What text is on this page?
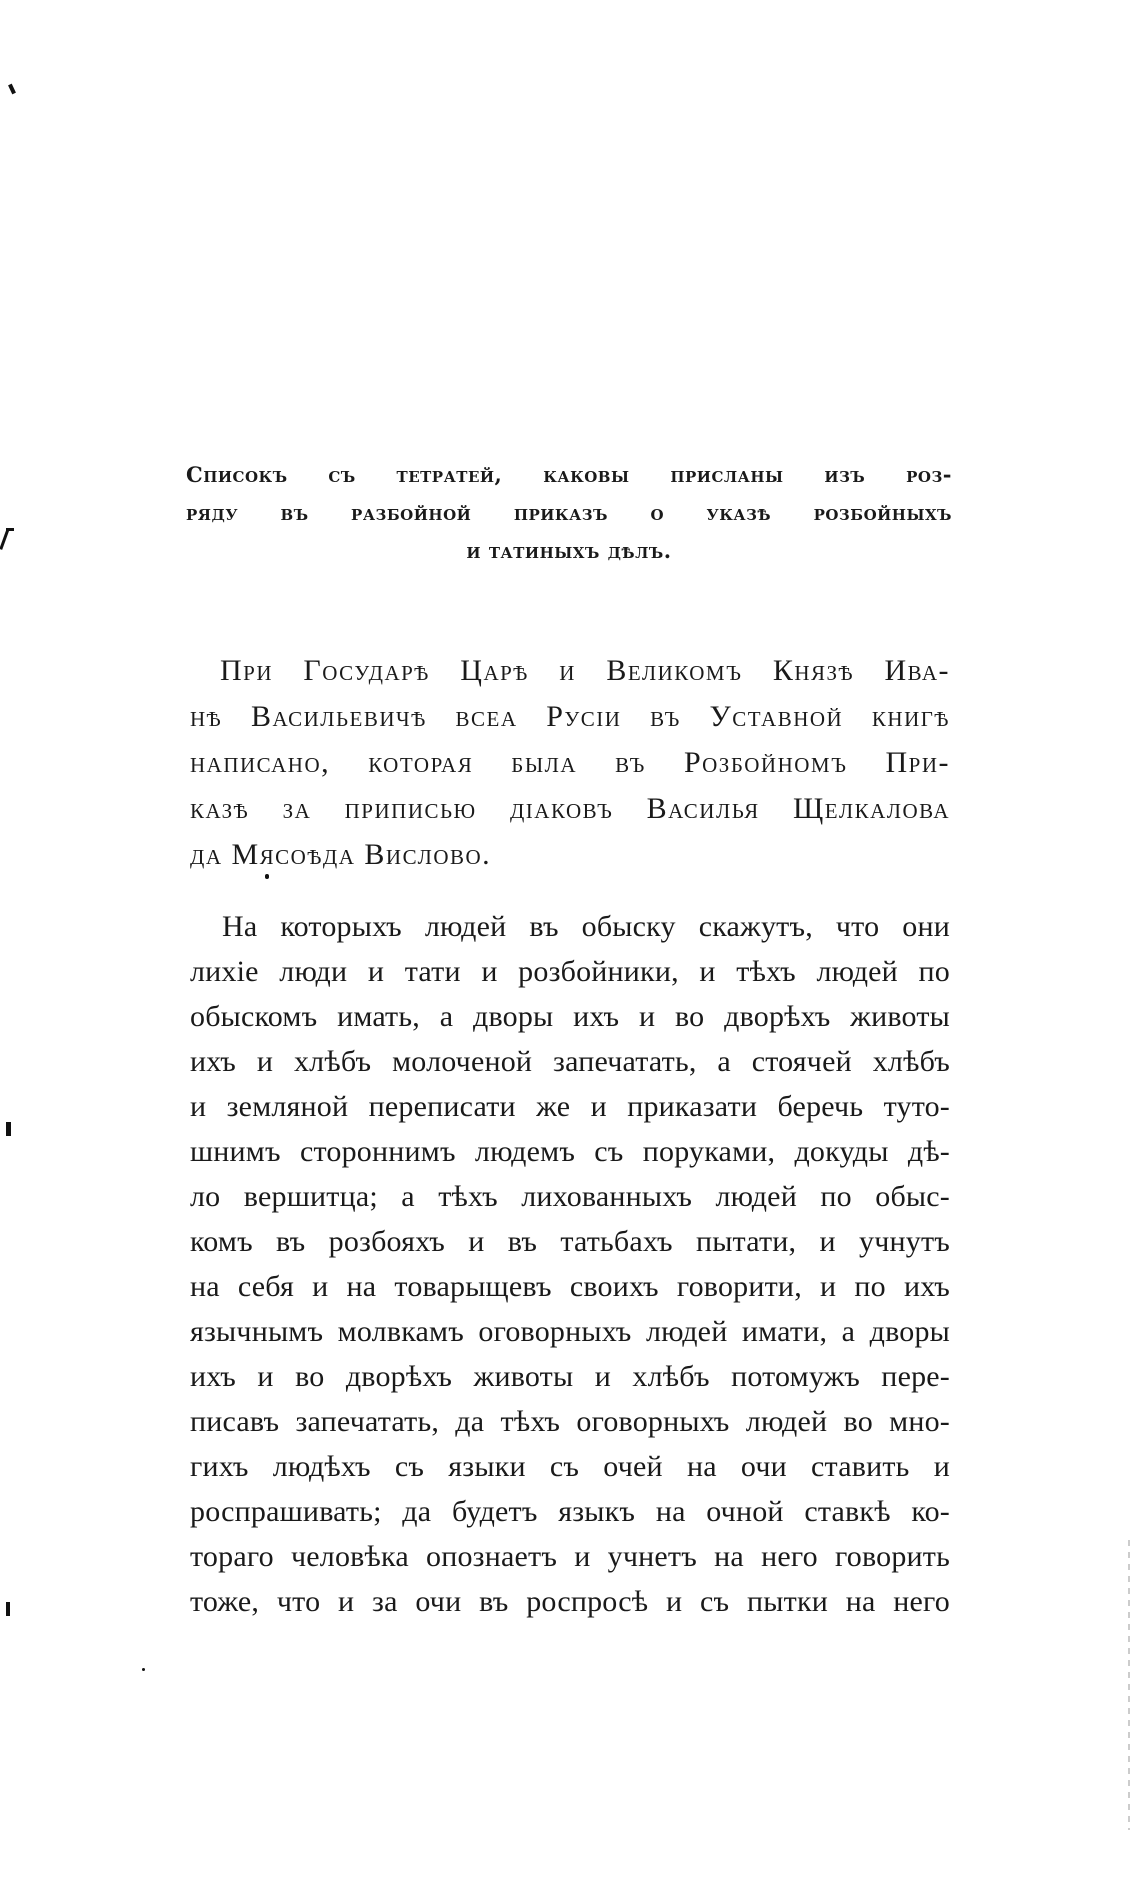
Списокъ съ тетратей, каковы присланы изъ роз-
ряду въ разбойной приказъ о указѣ розбойныхъ
и татиныхъ дѣлъ.
При Государѣ Царѣ и Великомъ Князѣ Ива-
нѣ Васильевичѣ всеа Русіи въ Уставной книгѣ
написано, которая была въ Розбойномъ При-
казѣ за приписью діаковъ Василья Щелкалова
да Мясоѣда Вислово.
На которыхъ людей въ обыску скажутъ, что они
лихіе люди и тати и розбойники, и тѣхъ людей по
обыскомъ имать, а дворы ихъ и во дворѣхъ животы
ихъ и хлѣбъ молоченой запечатать, а стоячей хлѣбъ
и земляной переписати же и приказати беречь туто-
шнимъ стороннимъ людемъ съ поруками, докуды дѣ-
ло вершитца; а тѣхъ лихованныхъ людей по обыс-
комъ въ розбояхъ и въ татьбахъ пытати, и учнутъ
на себя и на товарыщевъ своихъ говорити, и по ихъ
язычнымъ молвкамъ оговорныхъ людей имати, а дворы
ихъ и во дворѣхъ животы и хлѣбъ потомужъ пере-
писавъ запечатать, да тѣхъ оговорныхъ людей во мно-
гихъ людѣхъ съ языки съ очей на очи ставить и
роспрашивать; да будетъ языкъ на очной ставкѣ ко-
тораго человѣка опознаетъ и учнетъ на него говорить
тоже, что и за очи въ роспросѣ и съ пытки на него
